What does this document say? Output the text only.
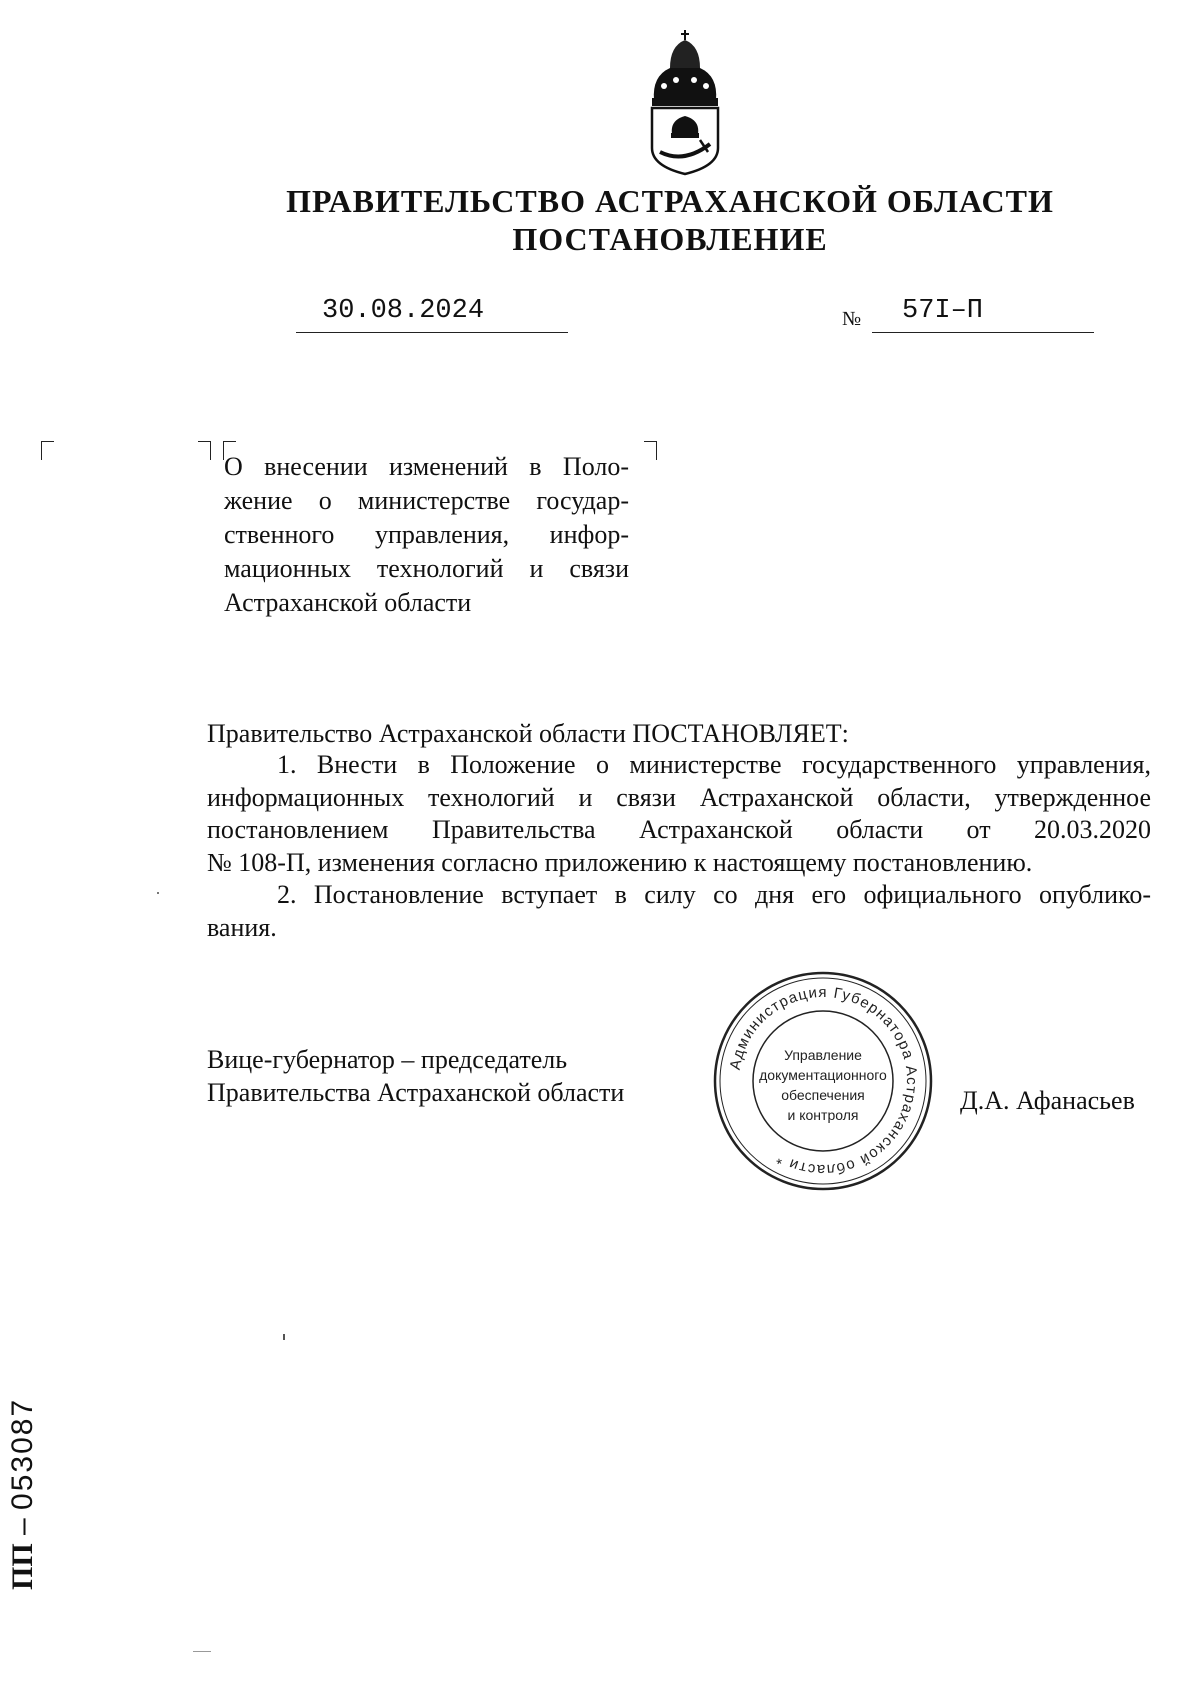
ПРАВИТЕЛЬСТВО АСТРАХАНСКОЙ ОБЛАСТИ
ПОСТАНОВЛЕНИЕ
30.08.2024	№ 57I–П
О внесении изменений в Поло-
жение о министерстве государ-
ственного управления, инфор-
мационных технологий и связи
Астраханской области
Правительство Астраханской области ПОСТАНОВЛЯЕТ:
1. Внести в Положение о министерстве государственного управления,
информационных технологий и связи Астраханской области, утвержденное
постановлением Правительства Астраханской области от 20.03.2020
№ 108-П, изменения согласно приложению к настоящему постановлению.
2. Постановление вступает в силу со дня его официального опублико-
вания.
Вице-губернатор – председатель
Правительства Астраханской области	Д.А. Афанасьев
Администрация Губернатора Астраханской области *
Управление
документационного
обеспечения
и контроля
ПП – 053087
